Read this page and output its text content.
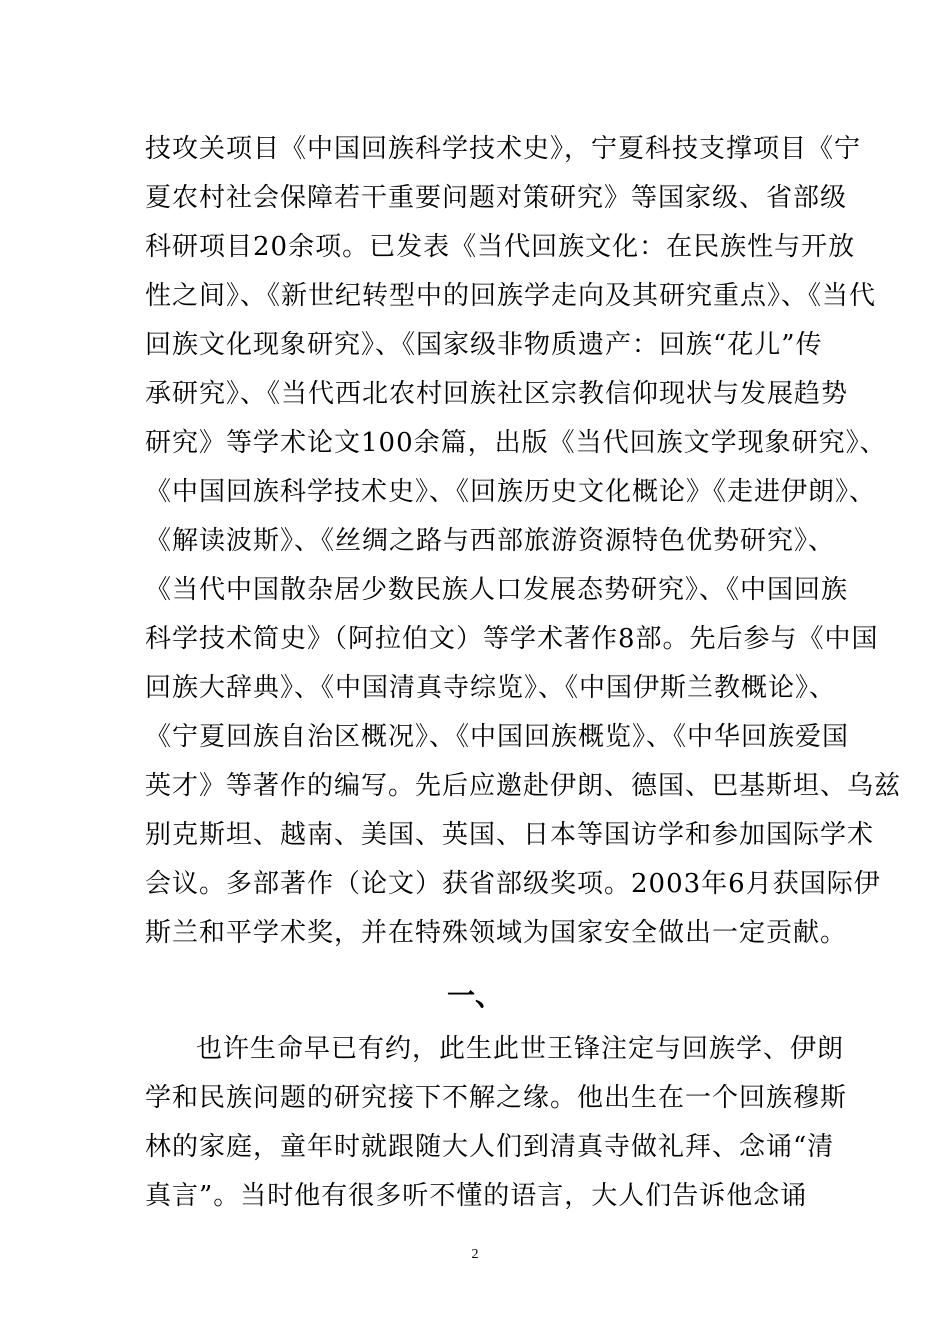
技攻关项目《中国回族科学技术史》，宁夏科技支撑项目《宁
夏农村社会保障若干重要问题对策研究》等国家级、省部级
科研项目20余项。已发表《当代回族文化：在民族性与开放
性之间》、《新世纪转型中的回族学走向及其研究重点》、《当代
回族文化现象研究》、《国家级非物质遗产：回族“花儿”传
承研究》、《当代西北农村回族社区宗教信仰现状与发展趋势
研究》等学术论文100余篇，出版《当代回族文学现象研究》、
《中国回族科学技术史》、《回族历史文化概论》《走进伊朗》、
《解读波斯》、《丝绸之路与西部旅游资源特色优势研究》、
《当代中国散杂居少数民族人口发展态势研究》、《中国回族
科学技术简史》（阿拉伯文）等学术著作8部。先后参与《中国
回族大辞典》、《中国清真寺综览》、《中国伊斯兰教概论》、
《宁夏回族自治区概况》、《中国回族概览》、《中华回族爱国
英才》等著作的编写。先后应邀赴伊朗、德国、巴基斯坦、乌兹
别克斯坦、越南、美国、英国、日本等国访学和参加国际学术
会议。多部著作（论文）获省部级奖项。2003年6月获国际伊
斯兰和平学术奖，并在特殊领域为国家安全做出一定贡献。
一、
也许生命早已有约，此生此世王锋注定与回族学、伊朗
学和民族问题的研究接下不解之缘。他出生在一个回族穆斯
林的家庭，童年时就跟随大人们到清真寺做礼拜、念诵“清
真言”。当时他有很多听不懂的语言，大人们告诉他念诵
2
